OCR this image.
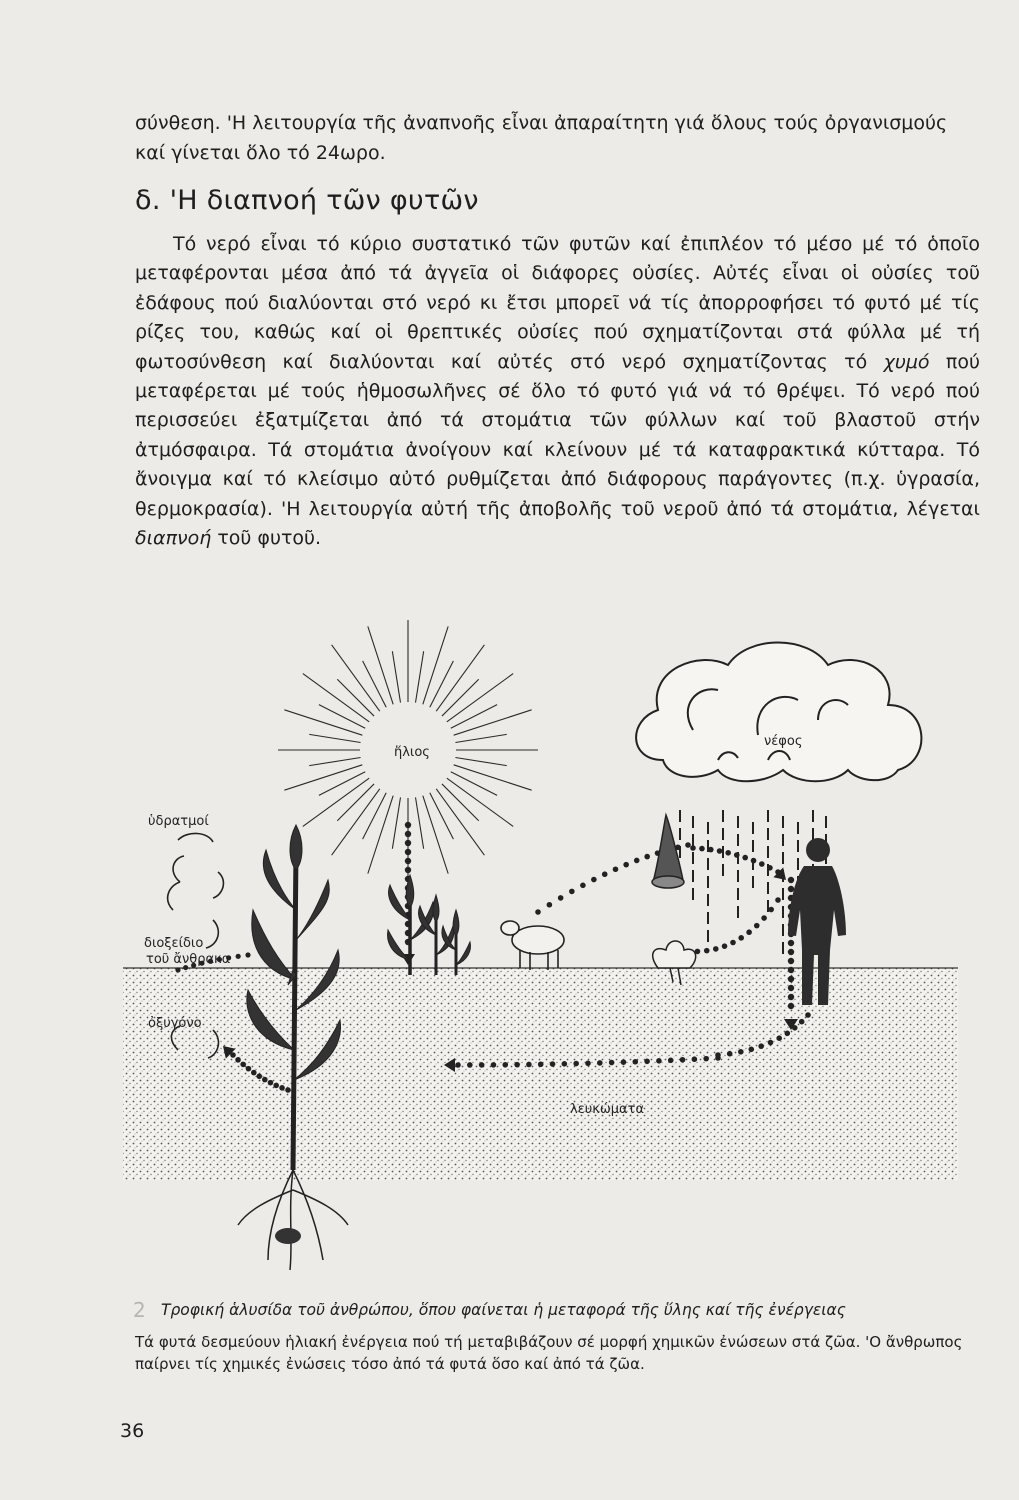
σύνθεση. 'Η λειτουργία τῆς ἀναπνοῆς εἶναι ἀπαραίτητη γιά ὅλους τούς ὀργανισμούς καί γίνεται ὅλο τό 24ωρο.

δ. 'Η διαπνοή τῶν φυτῶν

Τό νερό εἶναι τό κύριο συστατικό τῶν φυτῶν καί ἐπιπλέον τό μέσο μέ τό ὁποῖο μεταφέρονται μέσα ἀπό τά ἀγγεῖα οἱ διάφορες οὐσίες. Αὐτές εἶναι οἱ οὐσίες τοῦ ἐδάφους πού διαλύονται στό νερό κι ἔτσι μπορεῖ νά τίς ἀπορροφήσει τό φυτό μέ τίς ρίζες του, καθώς καί οἱ θρεπτικές οὐσίες πού σχηματίζονται στά φύλλα μέ τή φωτοσύνθεση καί διαλύονται καί αὐτές στό νερό σχηματίζοντας τό χυμό πού μεταφέρεται μέ τούς ἡθμοσωλῆνες σέ ὅλο τό φυτό γιά νά τό θρέψει. Τό νερό πού περισσεύει ἐξατμίζεται ἀπό τά στομάτια τῶν φύλλων καί τοῦ βλαστοῦ στήν ἀτμόσφαιρα. Τά στομάτια ἀνοίγουν καί κλείνουν μέ τά καταφρακτικά κύτταρα. Τό ἄνοιγμα καί τό κλείσιμο αὐτό ρυθμίζεται ἀπό διάφορους παράγοντες (π.χ. ὑγρασία, θερμοκρασία). 'Η λειτουργία αὐτή τῆς ἀποβολῆς τοῦ νεροῦ ἀπό τά στομάτια, λέγεται διαπνοή τοῦ φυτοῦ.

ἥλιος
νέφος
ὑδρατμοί
διοξείδιο
τοῦ ἄνθρακα
ὀξυγόνο
λευκώματα
2 Τροφική ἁλυσίδα τοῦ ἀνθρώπου, ὅπου φαίνεται ἡ μεταφορά τῆς ὕλης καί τῆς ἐνέργειας

Τά φυτά δεσμεύουν ἡλιακή ἐνέργεια πού τή μεταβιβάζουν σέ μορφή χημικῶν ἐνώσεων στά ζῶα. 'Ο ἄνθρωπος παίρνει τίς χημικές ἐνώσεις τόσο ἀπό τά φυτά ὅσο καί ἀπό τά ζῶα.

36
